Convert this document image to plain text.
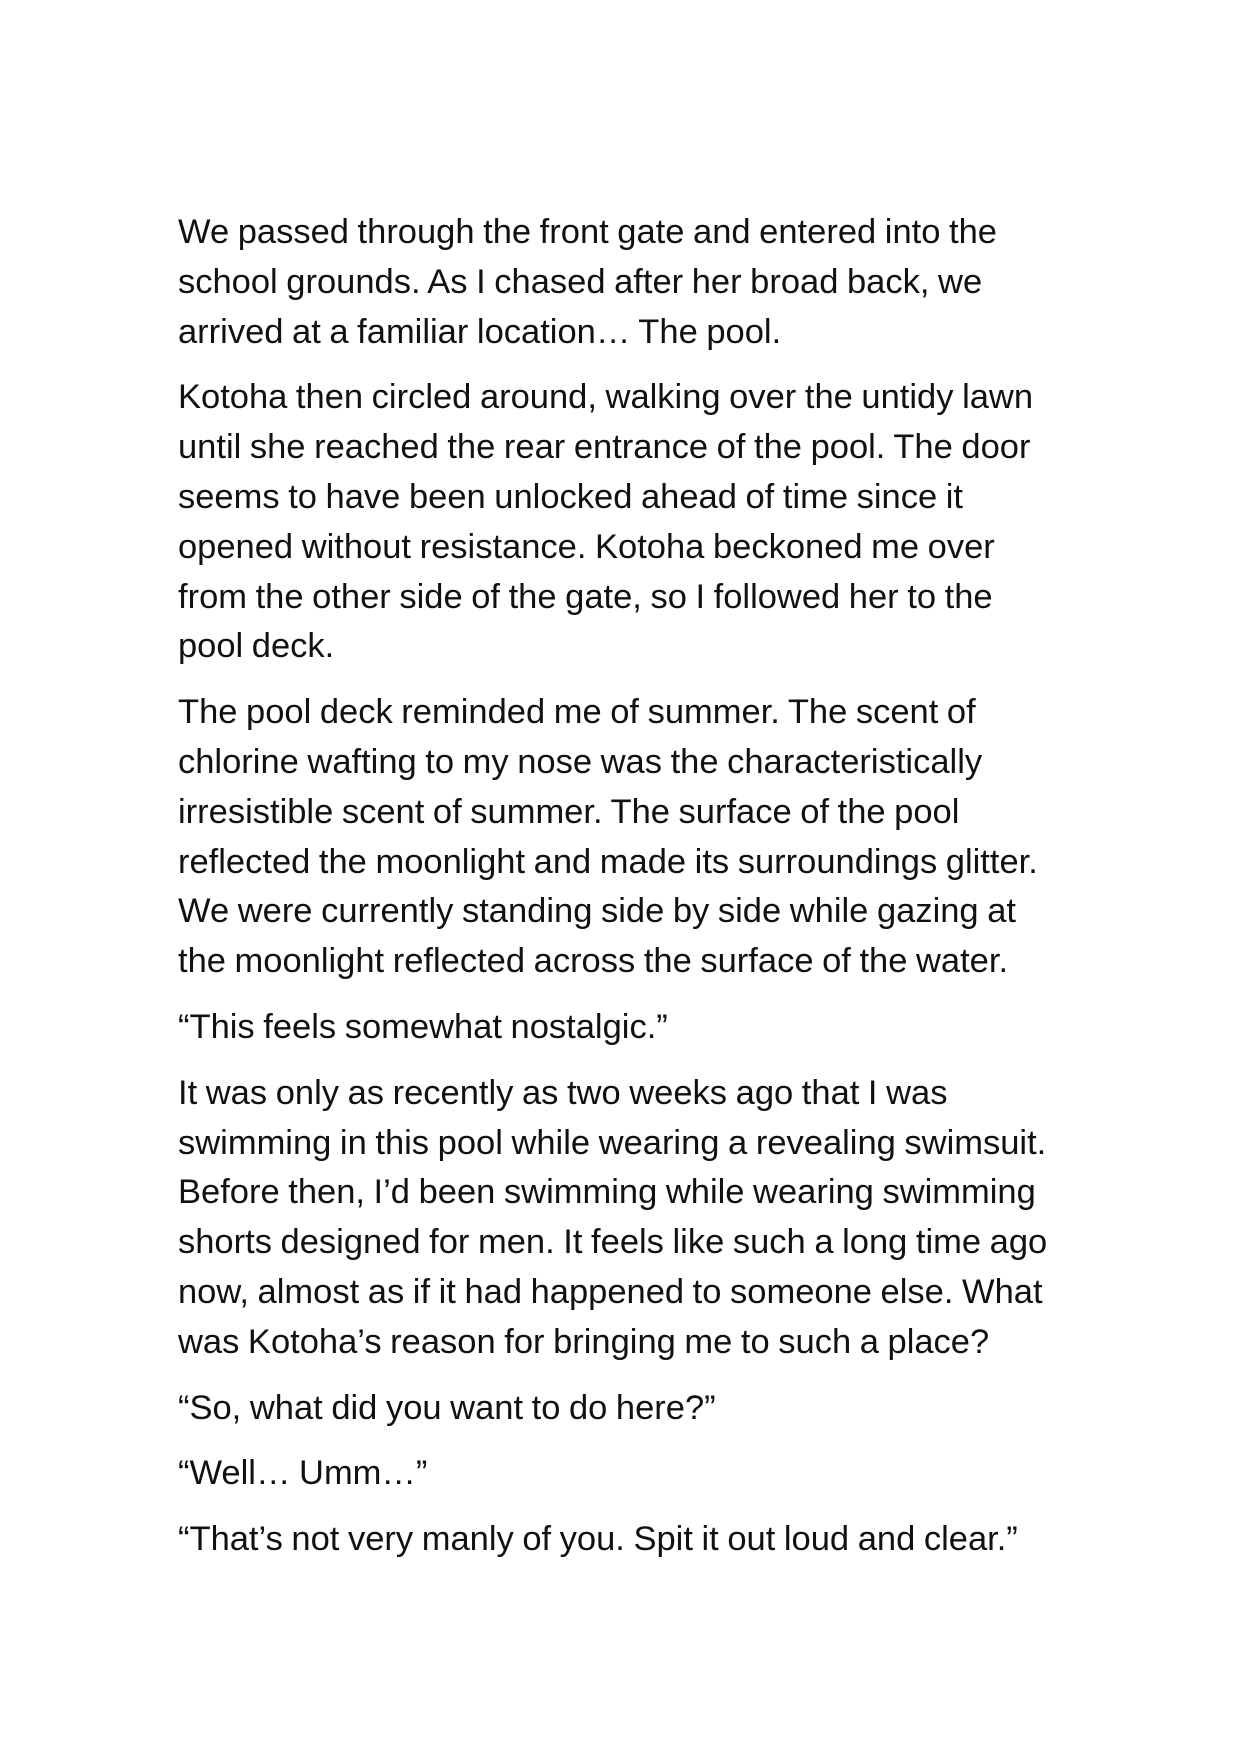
We passed through the front gate and entered into the
school grounds. As I chased after her broad back, we
arrived at a familiar location… The pool.
Kotoha then circled around, walking over the untidy lawn
until she reached the rear entrance of the pool. The door
seems to have been unlocked ahead of time since it
opened without resistance. Kotoha beckoned me over
from the other side of the gate, so I followed her to the
pool deck.
The pool deck reminded me of summer. The scent of
chlorine wafting to my nose was the characteristically
irresistible scent of summer. The surface of the pool
reflected the moonlight and made its surroundings glitter.
We were currently standing side by side while gazing at
the moonlight reflected across the surface of the water.
“This feels somewhat nostalgic.”
It was only as recently as two weeks ago that I was
swimming in this pool while wearing a revealing swimsuit.
Before then, I’d been swimming while wearing swimming
shorts designed for men. It feels like such a long time ago
now, almost as if it had happened to someone else. What
was Kotoha’s reason for bringing me to such a place?
“So, what did you want to do here?”
“Well… Umm…”
“That’s not very manly of you. Spit it out loud and clear.”
